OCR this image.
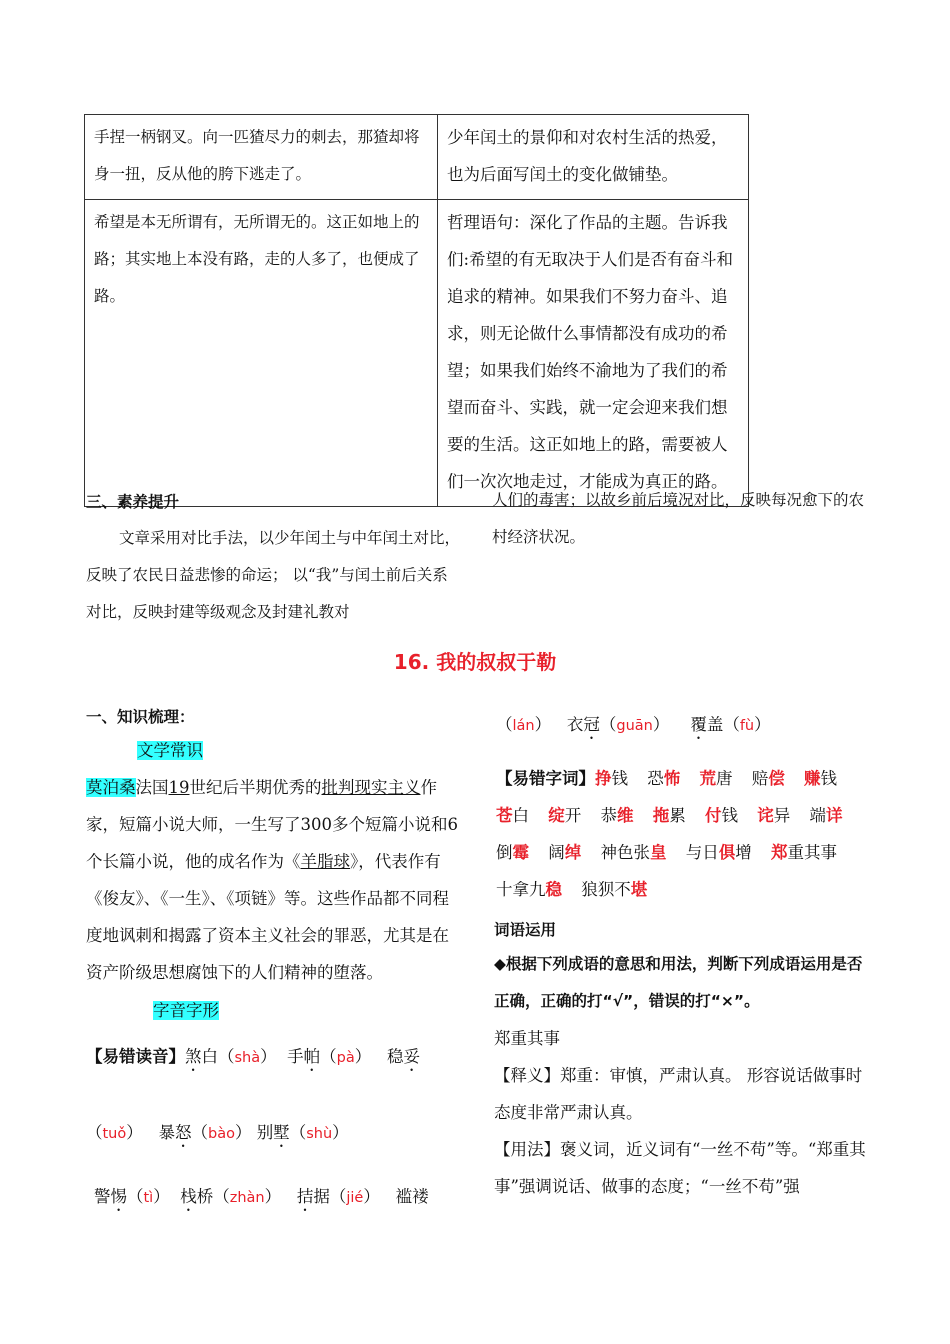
手捏一柄钢叉。向一匹猹尽力的刺去，那猹却将身一扭，反从他的胯下逃走了。	少年闰土的景仰和对农村生活的热爱，也为后面写闰土的变化做铺垫。
希望是本无所谓有，无所谓无的。这正如地上的路；其实地上本没有路，走的人多了，也便成了路。	哲理语句：深化了作品的主题。告诉我们:希望的有无取决于人们是否有奋斗和追求的精神。如果我们不努力奋斗、追求，则无论做什么事情都没有成功的希望；如果我们始终不渝地为了我们的希望而奋斗、实践，就一定会迎来我们想要的生活。这正如地上的路，需要被人们一次次地走过，才能成为真正的路。
三、素养提升
文章采用对比手法，以少年闰土与中年闰土对比，反映了农民日益悲惨的命运； 以“我”与闰土前后关系对比，反映封建等级观念及封建礼教对
人们的毒害；以故乡前后境况对比，反映每况愈下的农村经济状况。
16. 我的叔叔于勒
一、知识梳理：
文学常识
莫泊桑法国19世纪后半期优秀的批判现实主义作家，短篇小说大师，一生写了300多个短篇小说和6个长篇小说，他的成名作为《羊脂球》，代表作有《俊友》、《一生》、《项链》等。这些作品都不同程度地讽刺和揭露了资本主义社会的罪恶，尤其是在资产阶级思想腐蚀下的人们精神的堕落。
字音字形
【易错读音】煞白（shà） 手帕（pà） 稳妥
（tuǒ） 暴怒（bào） 别墅（shù）
警惕（tì） 栈桥（zhàn） 拮据（jié） 褴褛
（lán） 衣冠（guān） 覆盖（fù）
【易错字词】挣钱 恐怖 荒唐 赔偿 赚钱 苍白 绽开 恭维 拖累 付钱 诧异 端详 倒霉 阔绰 神色张皇 与日俱增 郑重其事 十拿九稳 狼狈不堪
词语运用
◆根据下列成语的意思和用法，判断下列成语运用是否正确，正确的打“√”，错误的打“×”。
郑重其事
【释义】郑重：审慎，严肃认真。 形容说话做事时态度非常严肃认真。
【用法】褒义词，近义词有“一丝不苟”等。“郑重其事”强调说话、做事的态度；“一丝不苟”强
